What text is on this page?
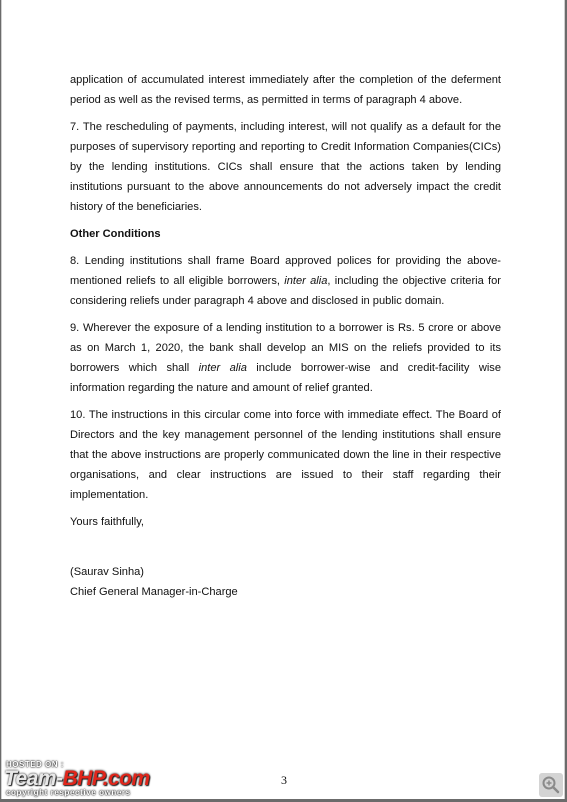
application of accumulated interest immediately after the completion of the deferment period as well as the revised terms, as permitted in terms of paragraph 4 above.

7. The rescheduling of payments, including interest, will not qualify as a default for the purposes of supervisory reporting and reporting to Credit Information Companies(CICs) by the lending institutions. CICs shall ensure that the actions taken by lending institutions pursuant to the above announcements do not adversely impact the credit history of the beneficiaries.

Other Conditions

8. Lending institutions shall frame Board approved polices for providing the above-mentioned reliefs to all eligible borrowers, inter alia, including the objective criteria for considering reliefs under paragraph 4 above and disclosed in public domain.

9. Wherever the exposure of a lending institution to a borrower is Rs. 5 crore or above as on March 1, 2020, the bank shall develop an MIS on the reliefs provided to its borrowers which shall inter alia include borrower-wise and credit-facility wise information regarding the nature and amount of relief granted.

10. The instructions in this circular come into force with immediate effect. The Board of Directors and the key management personnel of the lending institutions shall ensure that the above instructions are properly communicated down the line in their respective organisations, and clear instructions are issued to their staff regarding their implementation.

Yours faithfully,

(Saurav Sinha)
Chief General Manager-in-Charge
3
HOSTED ON :
Team-BHP.com
copyright respective owners
